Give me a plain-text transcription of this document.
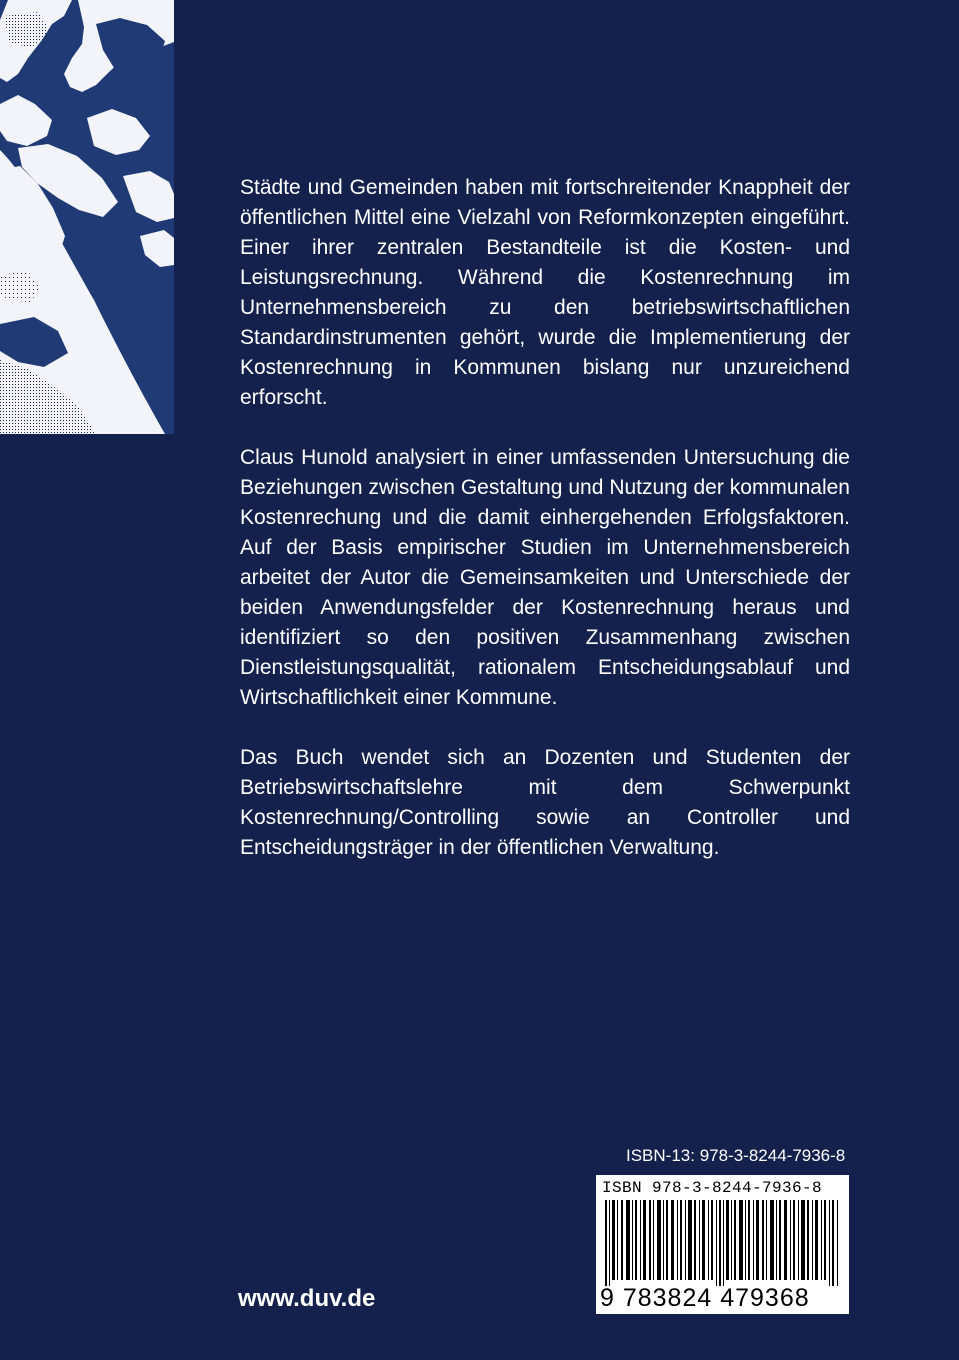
Städte und Gemeinden haben mit fortschreitender Knappheit der öffentlichen Mittel eine Vielzahl von Reformkonzepten eingeführt. Einer ihrer zentralen Bestandteile ist die Kosten- und Leistungsrechnung. Während die Kostenrechnung im Unternehmensbereich zu den betriebswirtschaftlichen Standardinstrumenten gehört, wurde die Implementierung der Kostenrechnung in Kommunen bislang nur unzureichend erforscht.

Claus Hunold analysiert in einer umfassenden Untersuchung die Beziehungen zwischen Gestaltung und Nutzung der kommunalen Kostenrechung und die damit einhergehenden Erfolgsfaktoren. Auf der Basis empirischer Studien im Unternehmensbereich arbeitet der Autor die Gemeinsamkeiten und Unterschiede der beiden Anwendungsfelder der Kostenrechnung heraus und identifiziert so den positiven Zusammenhang zwischen Dienstleistungsqualität, rationalem Entscheidungsablauf und Wirtschaftlichkeit einer Kommune.

Das Buch wendet sich an Dozenten und Studenten der Betriebswirtschaftslehre mit dem Schwerpunkt Kostenrechnung/Controlling sowie an Controller und Entscheidungsträger in der öffentlichen Verwaltung.

ISBN-13: 978-3-8244-7936-8
ISBN 978-3-8244-7936-8
9 783824 479368
www.duv.de
